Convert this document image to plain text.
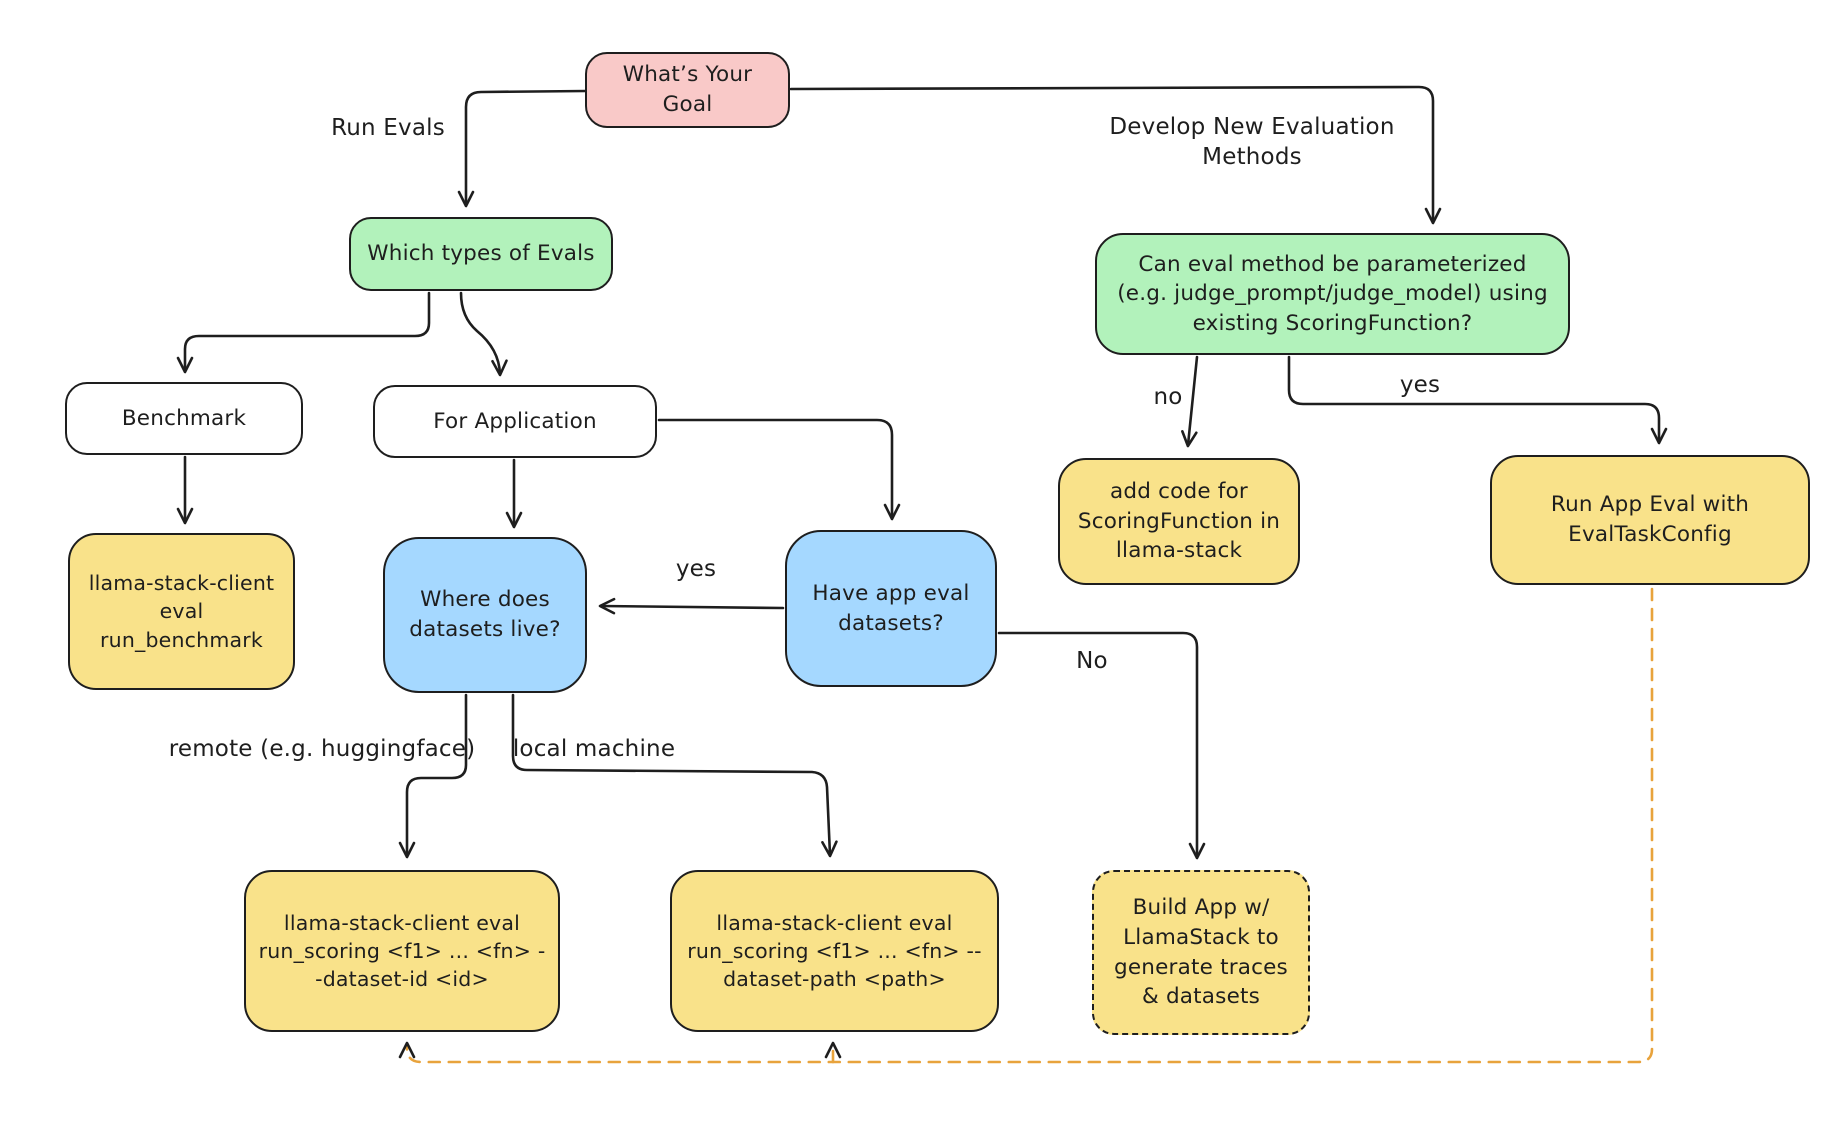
What’s Your Goal
Which types of Evals	Can eval method be parameterized (e.g. judge_prompt/judge_model) using existing ScoringFunction?
Benchmark	For Application
llama-stack-client eval run_benchmark
Where does datasets live?
Have app eval datasets?
add code for ScoringFunction in llama-stack
Run App Eval with EvalTaskConfig
llama-stack-client eval run_scoring <f1> ... <fn> --dataset-id <id>
llama-stack-client eval run_scoring <f1> ... <fn> --dataset-path <path>
Build App w/ LlamaStack to generate traces & datasets
Run Evals	Develop New Evaluation Methods
no	yes
yes
No
remote (e.g. huggingface) local machine
